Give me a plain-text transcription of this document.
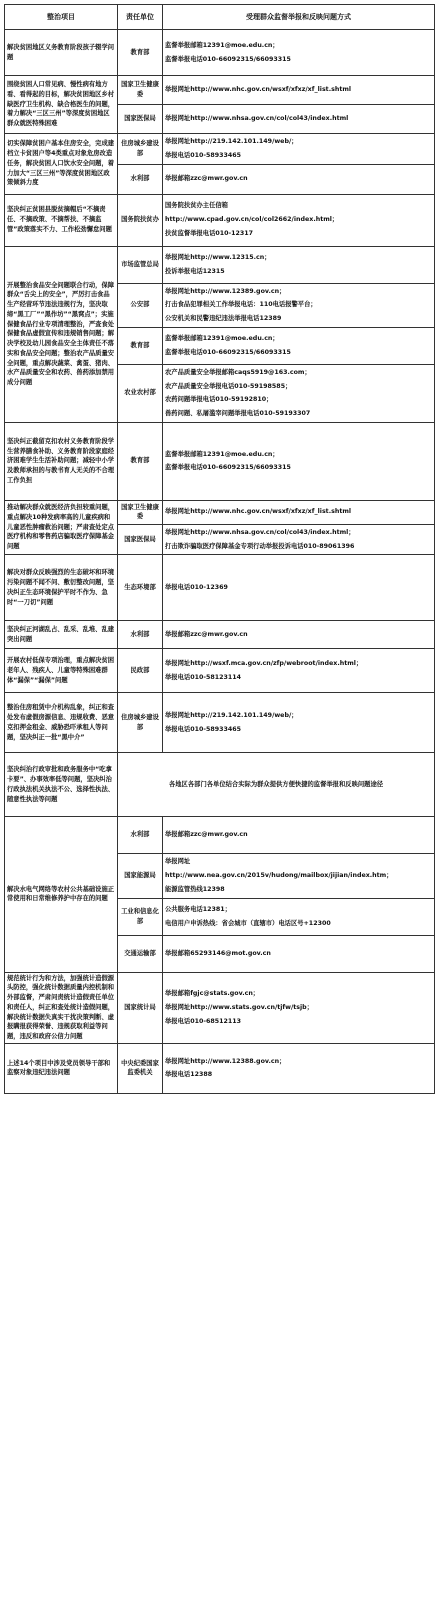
整治项目	责任单位	受理群众监督举报和反映问题方式
解决贫困地区义务教育阶段孩子辍学问题	教育部	监督举报邮箱12391@moe.edu.cn；
监督举报电话010-66092315/66093315

围绕贫困人口常见病、慢性病有地方看、看得起的目标，解决贫困地区乡村缺医疗卫生机构、缺合格医生的问题，着力解决“三区三州”等深度贫困地区群众就医特殊困难	国家卫生健康委	举报网址http://www.nhc.gov.cn/wsxf/xfxz/xf_list.shtml

	国家医保局	举报网址http://www.nhsa.gov.cn/col/col43/index.html

切实保障贫困户基本住房安全，完成建档立卡贫困户等4类重点对象危房改造任务，解决贫困人口饮水安全问题，着力加大“三区三州”等深度贫困地区政策倾斜力度	住房城乡建设部	举报网址http://219.142.101.149/web/；
举报电话010-58933465

	水利部	举报邮箱zzc@mwr.gov.cn

坚决纠正贫困县脱贫摘帽后“不摘责任、不摘政策、不摘帮扶、不摘监管”政策落实不力、工作松劲懈怠问题	国务院扶贫办	国务院扶贫办主任信箱
http://www.cpad.gov.cn/col/col2662/index.html；
扶贫监督举报电话010-12317

开展整治食品安全问题联合行动，保障群众“舌尖上的安全”，严厉打击食品生产经营环节违法违规行为，坚决取缔“黑工厂”“黑作坊”“黑窝点”；实施保健食品行业专项清理整治，严查食处保健食品虚假宣传和违规销售问题；解决学校及幼儿园食品安全主体责任不落实和食品安全问题；整治农产品质量安全问题，重点解决蔬菜、禽蛋、猪肉、水产品质量安全和农药、兽药添加禁用成分问题	市场监管总局	举报网址http://www.12315.cn；
投诉举报电话12315

	公安部	举报网址http://www.12389.gov.cn；
打击食品犯罪相关工作举报电话：110电话报警平台；
公安机关和民警违纪违法举报电话12389

	教育部	监督举报邮箱12391@moe.edu.cn；
监督举报电话010-66092315/66093315

	农业农村部	农产品质量安全举报邮箱caqs5919@163.com；
农产品质量安全举报电话010-59198585；
农药问题举报电话010-59192810；
兽药问题、私屠滥宰问题举报电话010-59193307

坚决纠正截留克扣农村义务教育阶段学生营养膳食补助、义务教育阶段家庭经济困难学生生活补助问题；减轻中小学及教师承担的与教书育人无关的不合理工作负担	教育部	监督举报邮箱12391@moe.edu.cn；
监督举报电话010-66092315/66093315

推动解决群众就医经济负担较重问题，重点解决10种发病率高的儿童疾病和儿童恶性肿瘤救治问题；严肃查处定点医疗机构和零售药店骗取医疗保障基金问题	国家卫生健康委	举报网址http://www.nhc.gov.cn/wsxf/xfxz/xf_list.shtml

	国家医保局	举报网址http://www.nhsa.gov.cn/col/col43/index.html；
打击欺诈骗取医疗保障基金专项行动举报投诉电话010-89061396

解决对群众反映强烈的生态破坏和环境污染问题不闻不问、敷衍整改问题，坚决纠正生态环境保护平时不作为、急时“一刀切”问题	生态环境部	举报电话010-12369

坚决纠正河湖乱占、乱采、乱堆、乱建突出问题	水利部	举报邮箱zzc@mwr.gov.cn

开展农村低保专项治理，重点解决贫困老年人、残疾人、儿童等特殊困难群体“漏保”“漏保”问题	民政部	举报网址http://wsxf.mca.gov.cn/zfp/webroot/index.html；
举报电话010-58123114

整治住房租赁中介机构乱象，纠正和查处发布虚假房源信息、违规收费、恶意克扣押金租金、威胁恐吓承租人等问题，坚决纠正一批“黑中介”	住房城乡建设部	举报网址http://219.142.101.149/web/；
举报电话010-58933465

坚决纠治行政审批和政务服务中“吃拿卡要”、办事效率低等问题，坚决纠治行政执法机关执法不公、选择性执法、随意性执法等问题	各地区各部门各单位结合实际为群众提供方便快捷的监督举报和反映问题途径	

解决水电气网络等农村公共基础设施正常使用和日常维修养护中存在的问题	水利部	举报邮箱zzc@mwr.gov.cn

	国家能源局	举报网址
http://www.nea.gov.cn/2015v/hudong/mailbox/jijian/index.htm；
能源监管热线12398

	工业和信息化部	公共服务电话12381；
电信用户申诉热线：省会城市（直辖市）电话区号+12300

	交通运输部	举报邮箱65293146@mot.gov.cn

规范统计行为和方法，加强统计造假源头防控，强化统计数据质量内控机制和外部监督，严肃问责统计造假责任单位和责任人，纠正和查处统计造假问题，解决统计数据失真实干扰决策判断、虚报瞒报获得荣誉、违规获取利益等问题，违反和政府公信力问题	国家统计局	举报邮箱fgjc@stats.gov.cn；
举报网址http://www.stats.gov.cn/tjfw/tsjb；
举报电话010-68512113

上述14个项目中涉及党员领导干部和监察对象违纪违法问题	中央纪委国家监委机关	举报网址http://www.12388.gov.cn；
举报电话12388
